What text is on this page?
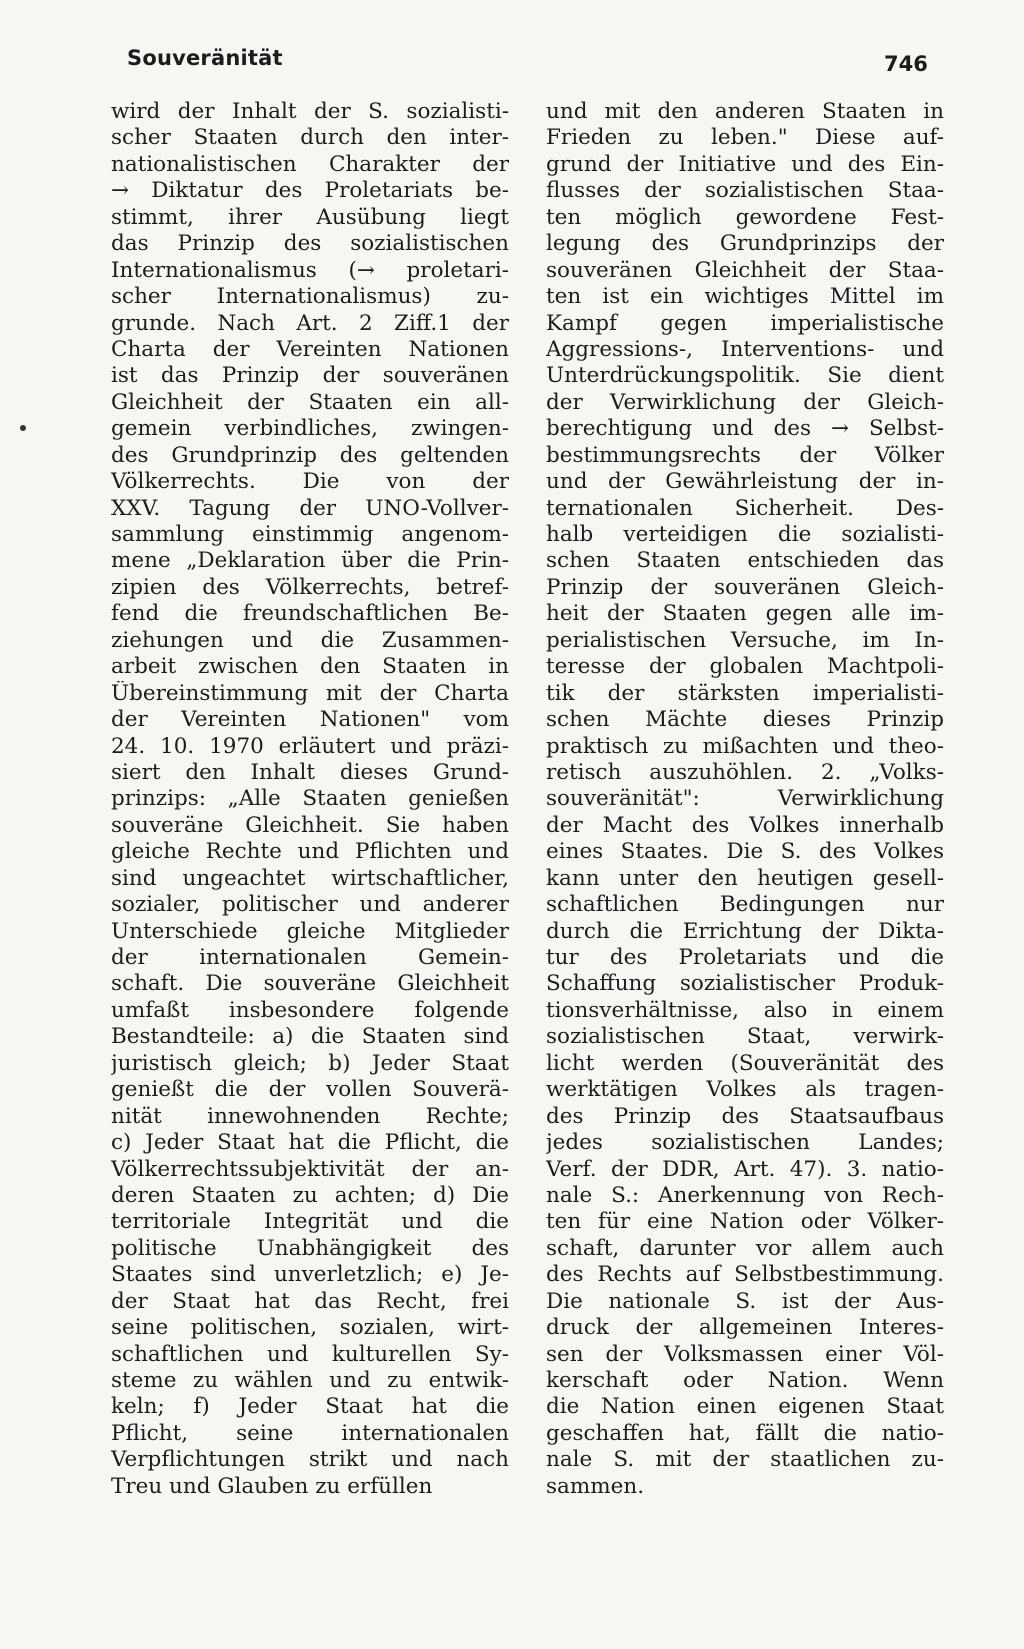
Souveränität	746
wird der Inhalt der S. sozialisti-
scher Staaten durch den inter-
nationalistischen Charakter der
→ Diktatur des Proletariats be-
stimmt, ihrer Ausübung liegt
das Prinzip des sozialistischen
Internationalismus (→ proletari-
scher Internationalismus) zu-
grunde. Nach Art. 2 Ziff.1 der
Charta der Vereinten Nationen
ist das Prinzip der souveränen
Gleichheit der Staaten ein all-
gemein verbindliches, zwingen-
des Grundprinzip des geltenden
Völkerrechts. Die von der
XXV. Tagung der UNO-Vollver-
sammlung einstimmig angenom-
mene „Deklaration über die Prin-
zipien des Völkerrechts, betref-
fend die freundschaftlichen Be-
ziehungen und die Zusammen-
arbeit zwischen den Staaten in
Übereinstimmung mit der Charta
der Vereinten Nationen" vom
24. 10. 1970 erläutert und präzi-
siert den Inhalt dieses Grund-
prinzips: „Alle Staaten genießen
souveräne Gleichheit. Sie haben
gleiche Rechte und Pflichten und
sind ungeachtet wirtschaftlicher,
sozialer, politischer und anderer
Unterschiede gleiche Mitglieder
der internationalen Gemein-
schaft. Die souveräne Gleichheit
umfaßt insbesondere folgende
Bestandteile: a) die Staaten sind
juristisch gleich; b) Jeder Staat
genießt die der vollen Souverä-
nität innewohnenden Rechte;
c) Jeder Staat hat die Pflicht, die
Völkerrechtssubjektivität der an-
deren Staaten zu achten; d) Die
territoriale Integrität und die
politische Unabhängigkeit des
Staates sind unverletzlich; e) Je-
der Staat hat das Recht, frei
seine politischen, sozialen, wirt-
schaftlichen und kulturellen Sy-
steme zu wählen und zu entwik-
keln; f) Jeder Staat hat die
Pflicht, seine internationalen
Verpflichtungen strikt und nach
Treu und Glauben zu erfüllen
und mit den anderen Staaten in
Frieden zu leben." Diese auf-
grund der Initiative und des Ein-
flusses der sozialistischen Staa-
ten möglich gewordene Fest-
legung des Grundprinzips der
souveränen Gleichheit der Staa-
ten ist ein wichtiges Mittel im
Kampf gegen imperialistische
Aggressions-, Interventions- und
Unterdrückungspolitik. Sie dient
der Verwirklichung der Gleich-
berechtigung und des → Selbst-
bestimmungsrechts der Völker
und der Gewährleistung der in-
ternationalen Sicherheit. Des-
halb verteidigen die sozialisti-
schen Staaten entschieden das
Prinzip der souveränen Gleich-
heit der Staaten gegen alle im-
perialistischen Versuche, im In-
teresse der globalen Machtpoli-
tik der stärksten imperialisti-
schen Mächte dieses Prinzip
praktisch zu mißachten und theo-
retisch auszuhöhlen. 2. „Volks-
souveränität": Verwirklichung
der Macht des Volkes innerhalb
eines Staates. Die S. des Volkes
kann unter den heutigen gesell-
schaftlichen Bedingungen nur
durch die Errichtung der Dikta-
tur des Proletariats und die
Schaffung sozialistischer Produk-
tionsverhältnisse, also in einem
sozialistischen Staat, verwirk-
licht werden (Souveränität des
werktätigen Volkes als tragen-
des Prinzip des Staatsaufbaus
jedes sozialistischen Landes;
Verf. der DDR, Art. 47). 3. natio-
nale S.: Anerkennung von Rech-
ten für eine Nation oder Völker-
schaft, darunter vor allem auch
des Rechts auf Selbstbestimmung.
Die nationale S. ist der Aus-
druck der allgemeinen Interes-
sen der Volksmassen einer Völ-
kerschaft oder Nation. Wenn
die Nation einen eigenen Staat
geschaffen hat, fällt die natio-
nale S. mit der staatlichen zu-
sammen.
